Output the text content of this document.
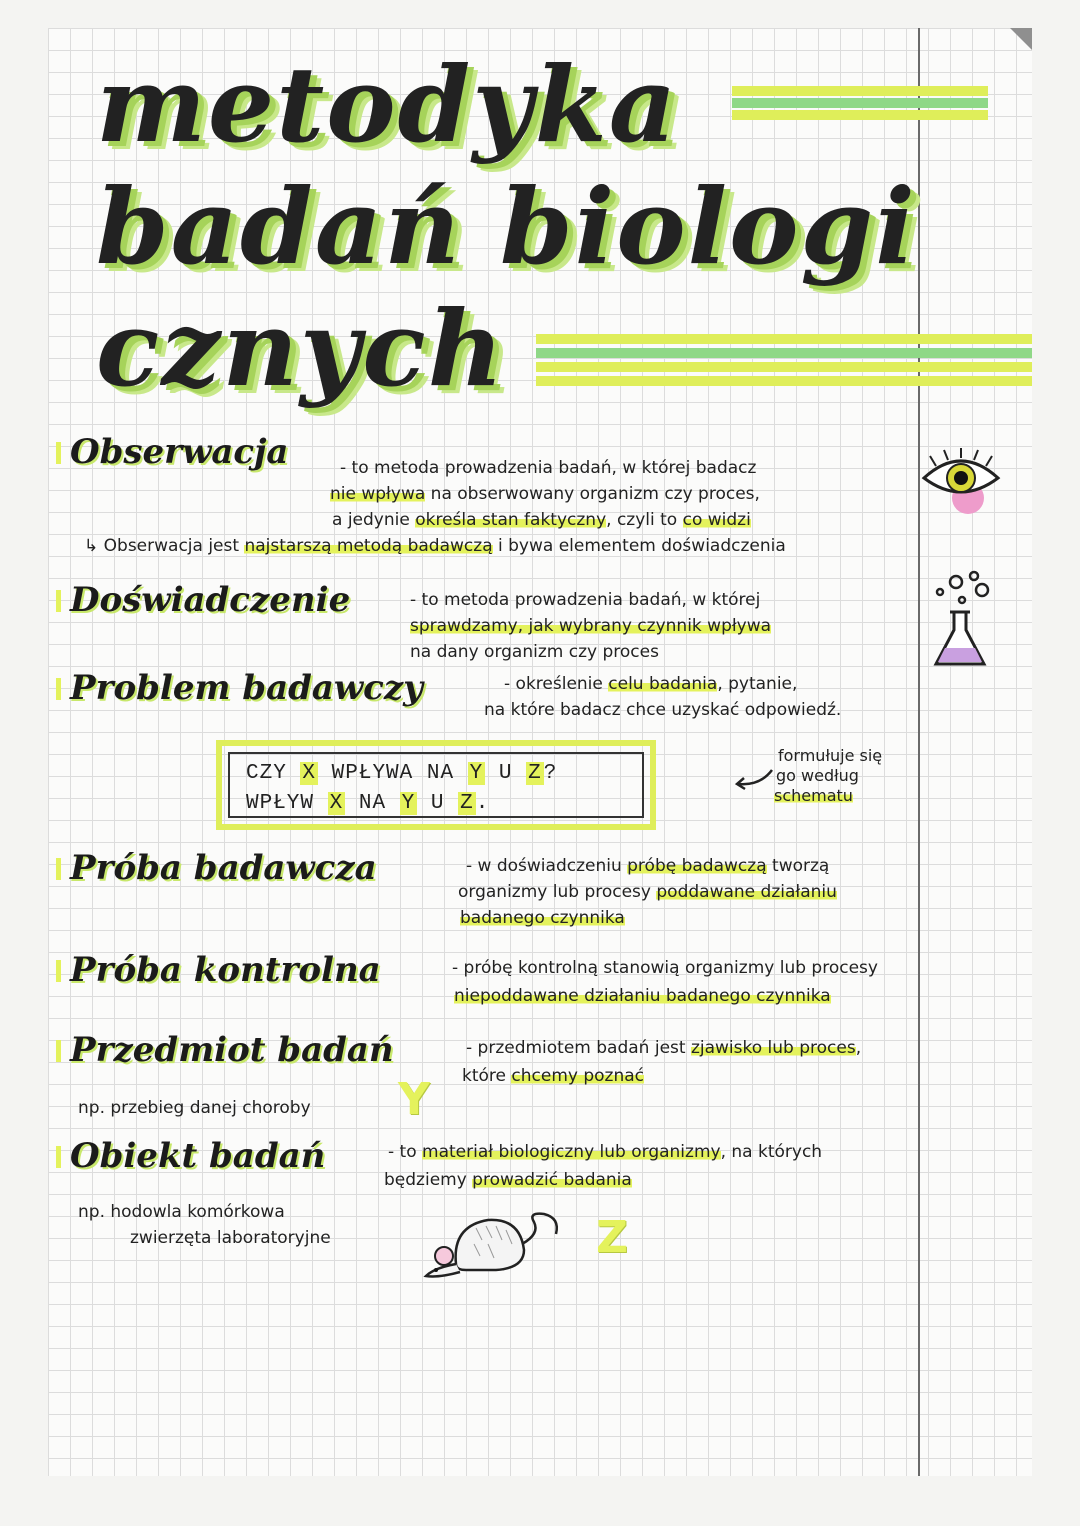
metodyka
badań biologi
cznych
Obserwacja	- to metoda prowadzenia badań, w której badacz
nie wpływa na obserwowany organizm czy proces,
a jedynie określa stan faktyczny, czyli to co widzi
↳ Obserwacja jest najstarszą metodą badawczą i bywa elementem doświadczenia
Doświadczenie	- to metoda prowadzenia badań, w której
sprawdzamy, jak wybrany czynnik wpływa
na dany organizm czy proces
Problem badawczy	- określenie celu badania, pytanie,
na które badacz chce uzyskać odpowiedź.
CZY X WPŁYWA NA Y U Z?
WPŁYW X NA Y U Z.
formułuje się
go według
schematu
Próba badawcza	- w doświadczeniu próbę badawczą tworzą
organizmy lub procesy poddawane działaniu
badanego czynnika
Próba kontrolna	- próbę kontrolną stanowią organizmy lub procesy
niepoddawane działaniu badanego czynnika
Przedmiot badań	- przedmiotem badań jest zjawisko lub proces,
które chcemy poznać
np. przebieg danej choroby Y
Obiekt badań	- to materiał biologiczny lub organizmy, na których
będziemy prowadzić badania
np. hodowla komórkowa
zwierzęta laboratoryjne	Z
